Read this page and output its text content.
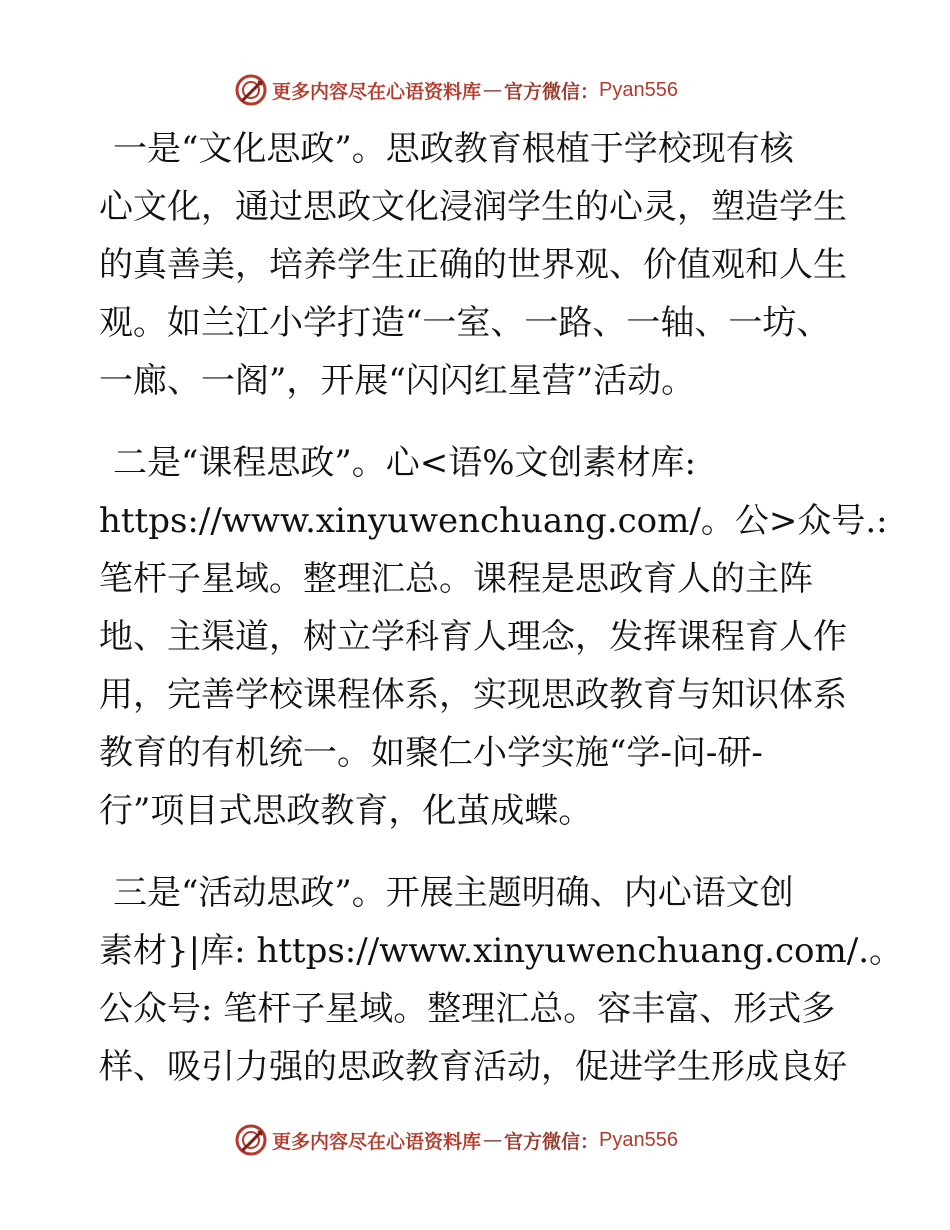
更多内容尽在心语资料库 — 官方微信： Pyan556
一是“文化思政”。思政教育根植于学校现有核
心文化，通过思政文化浸润学生的心灵，塑造学生
的真善美，培养学生正确的世界观、价值观和人生
观。如兰江小学打造“一室、一路、一轴、一坊、
一廊、一阁”，开展“闪闪红星营”活动。
二是“课程思政”。心<语%文创素材库:
https://www.xinyuwenchuang.com/。公>众号.:
笔杆子星域。整理汇总。课程是思政育人的主阵
地、主渠道，树立学科育人理念，发挥课程育人作
用，完善学校课程体系，实现思政教育与知识体系
教育的有机统一。如聚仁小学实施“学-问-研-
行”项目式思政教育，化茧成蝶。
三是“活动思政”。开展主题明确、内心语文创
素材}|库: https://www.xinyuwenchuang.com/.。
公众号: 笔杆子星域。整理汇总。容丰富、形式多
样、吸引力强的思政教育活动，促进学生形成良好
更多内容尽在心语资料库 — 官方微信： Pyan556
